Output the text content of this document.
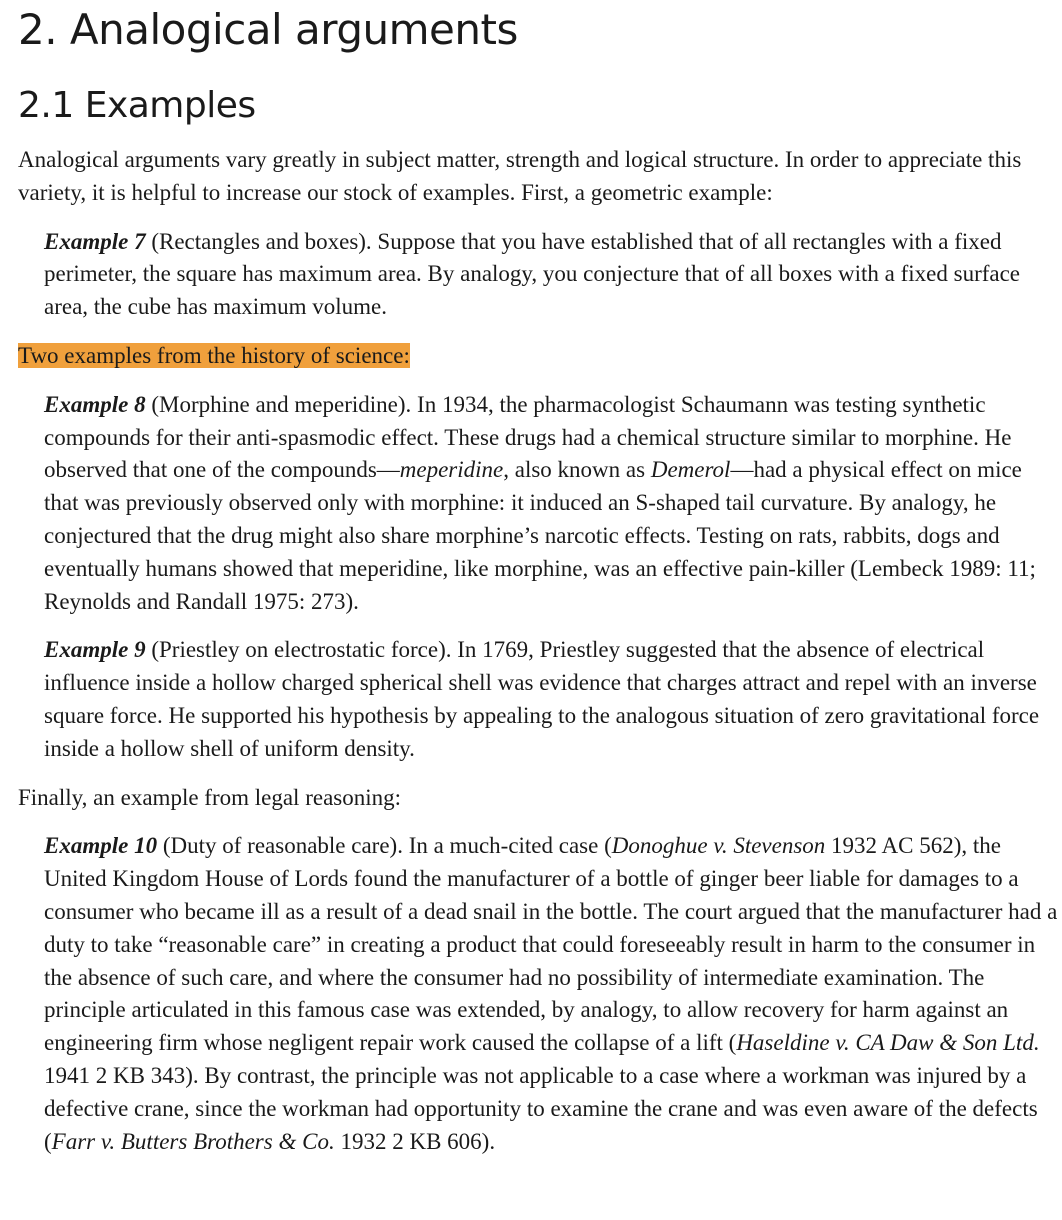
2. Analogical arguments
2.1 Examples

Analogical arguments vary greatly in subject matter, strength and logical structure. In order to appreciate this variety, it is helpful to increase our stock of examples. First, a geometric example:

Example 7 (Rectangles and boxes). Suppose that you have established that of all rectangles with a fixed perimeter, the square has maximum area. By analogy, you conjecture that of all boxes with a fixed surface area, the cube has maximum volume.

Two examples from the history of science:

Example 8 (Morphine and meperidine). In 1934, the pharmacologist Schaumann was testing synthetic compounds for their anti-spasmodic effect. These drugs had a chemical structure similar to morphine. He observed that one of the compounds—meperidine, also known as Demerol—had a physical effect on mice that was previously observed only with morphine: it induced an S-shaped tail curvature. By analogy, he conjectured that the drug might also share morphine’s narcotic effects. Testing on rats, rabbits, dogs and eventually humans showed that meperidine, like morphine, was an effective pain-killer (Lembeck 1989: 11; Reynolds and Randall 1975: 273).

Example 9 (Priestley on electrostatic force). In 1769, Priestley suggested that the absence of electrical influence inside a hollow charged spherical shell was evidence that charges attract and repel with an inverse square force. He supported his hypothesis by appealing to the analogous situation of zero gravitational force inside a hollow shell of uniform density.

Finally, an example from legal reasoning:

Example 10 (Duty of reasonable care). In a much-cited case (Donoghue v. Stevenson 1932 AC 562), the United Kingdom House of Lords found the manufacturer of a bottle of ginger beer liable for damages to a consumer who became ill as a result of a dead snail in the bottle. The court argued that the manufacturer had a duty to take “reasonable care” in creating a product that could foreseeably result in harm to the consumer in the absence of such care, and where the consumer had no possibility of intermediate examination. The principle articulated in this famous case was extended, by analogy, to allow recovery for harm against an engineering firm whose negligent repair work caused the collapse of a lift (Haseldine v. CA Daw & Son Ltd. 1941 2 KB 343). By contrast, the principle was not applicable to a case where a workman was injured by a defective crane, since the workman had opportunity to examine the crane and was even aware of the defects (Farr v. Butters Brothers & Co. 1932 2 KB 606).
